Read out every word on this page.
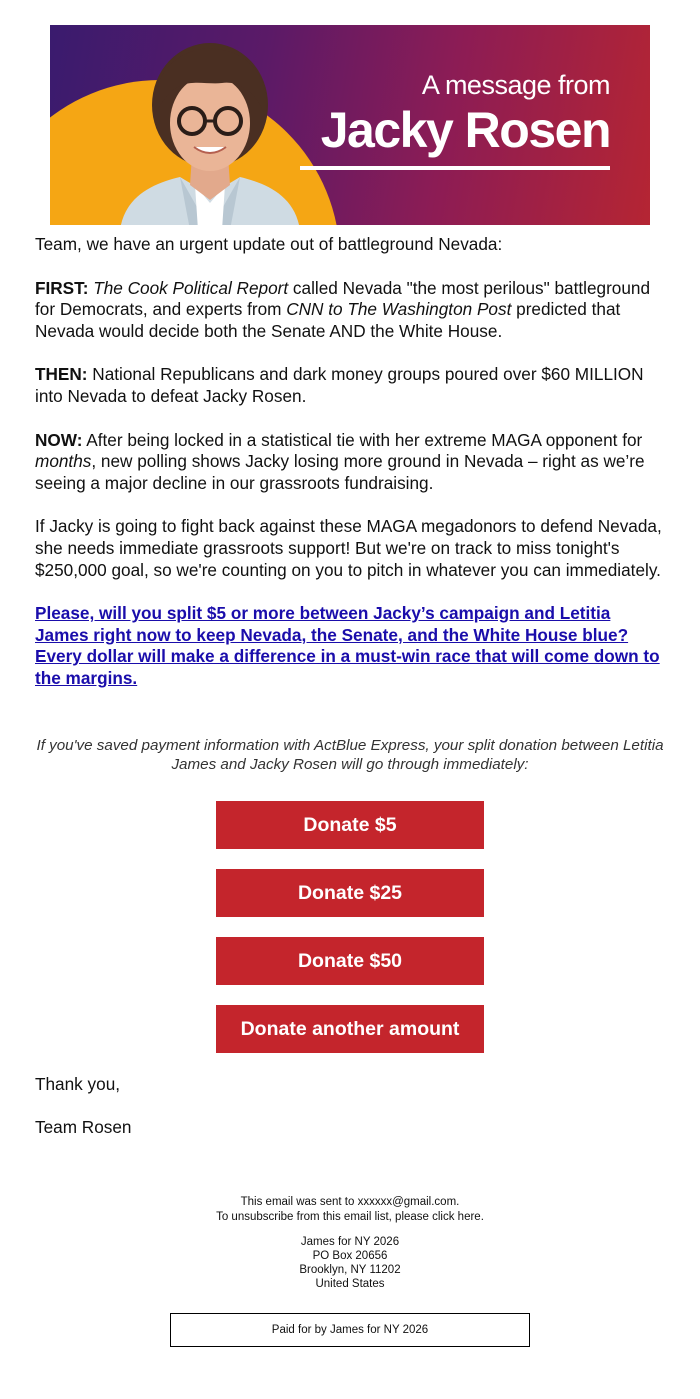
A message from
Jacky Rosen

Team, we have an urgent update out of battleground Nevada:

FIRST: The Cook Political Report called Nevada "the most perilous" battleground for Democrats, and experts from CNN to The Washington Post predicted that Nevada would decide both the Senate AND the White House.

THEN: National Republicans and dark money groups poured over $60 MILLION into Nevada to defeat Jacky Rosen.

NOW: After being locked in a statistical tie with her extreme MAGA opponent for months, new polling shows Jacky losing more ground in Nevada – right as we’re seeing a major decline in our grassroots fundraising.

If Jacky is going to fight back against these MAGA megadonors to defend Nevada, she needs immediate grassroots support! But we're on track to miss tonight's $250,000 goal, so we're counting on you to pitch in whatever you can immediately.

Please, will you split $5 or more between Jacky’s campaign and Letitia James right now to keep Nevada, the Senate, and the White House blue? Every dollar will make a difference in a must-win race that will come down to the margins.

If you've saved payment information with ActBlue Express, your split donation between Letitia James and Jacky Rosen will go through immediately:
Donate $5
Donate $25
Donate $50
Donate another amount
Thank you,
Team Rosen
This email was sent to xxxxxx@gmail.com.
To unsubscribe from this email list, please click here.
James for NY 2026
PO Box 20656
Brooklyn, NY 11202
United States
Paid for by James for NY 2026
